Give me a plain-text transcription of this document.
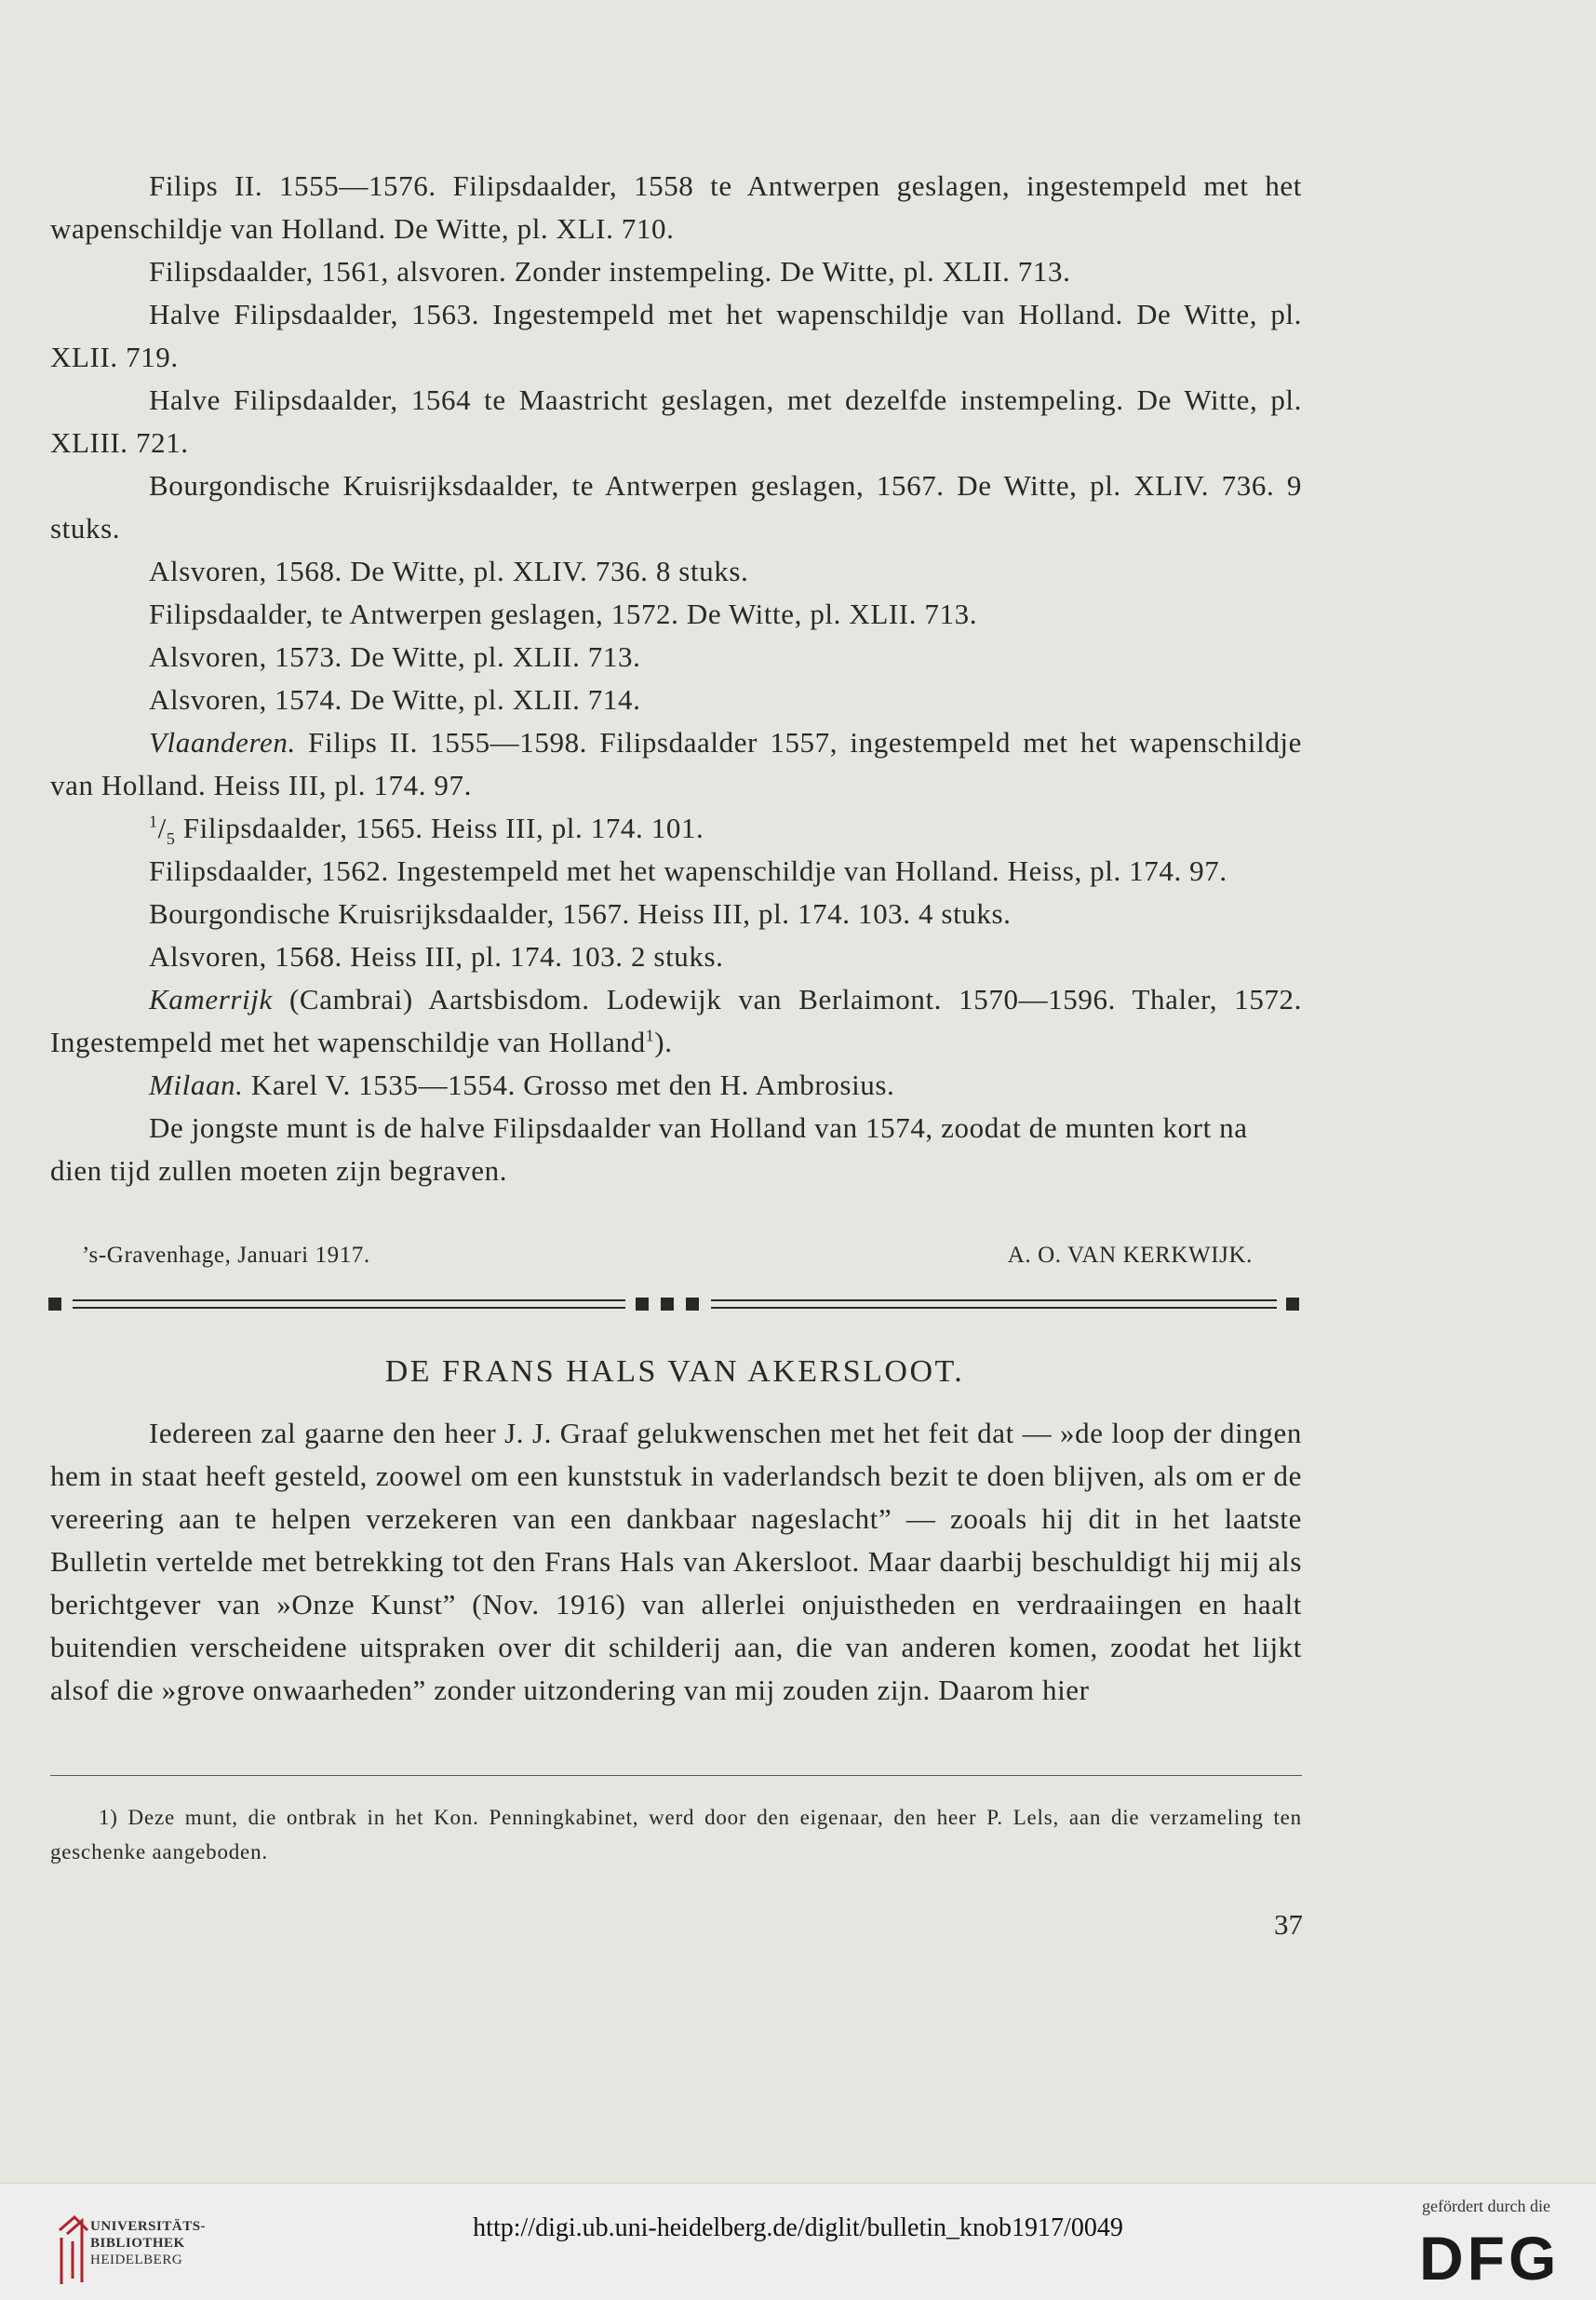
Filips II. 1555—1576. Filipsdaalder, 1558 te Antwerpen geslagen, ingestempeld met het wapenschildje van Holland. De Witte, pl. XLI. 710.

Filipsdaalder, 1561, alsvoren. Zonder instempeling. De Witte, pl. XLII. 713.

Halve Filipsdaalder, 1563. Ingestempeld met het wapenschildje van Holland. De Witte, pl. XLII. 719.

Halve Filipsdaalder, 1564 te Maastricht geslagen, met dezelfde instempeling. De Witte, pl. XLIII. 721.

Bourgondische Kruisrijksdaalder, te Antwerpen geslagen, 1567. De Witte, pl. XLIV. 736. 9 stuks.

Alsvoren, 1568. De Witte, pl. XLIV. 736. 8 stuks.

Filipsdaalder, te Antwerpen geslagen, 1572. De Witte, pl. XLII. 713.

Alsvoren, 1573. De Witte, pl. XLII. 713.

Alsvoren, 1574. De Witte, pl. XLII. 714.

Vlaanderen. Filips II. 1555—1598. Filipsdaalder 1557, ingestempeld met het wapenschildje van Holland. Heiss III, pl. 174. 97.

$^1/_5$ Filipsdaalder, 1565. Heiss III, pl. 174. 101.

Filipsdaalder, 1562. Ingestempeld met het wapenschildje van Holland. Heiss, pl. 174. 97.

Bourgondische Kruisrijksdaalder, 1567. Heiss III, pl. 174. 103. 4 stuks.

Alsvoren, 1568. Heiss III, pl. 174. 103. 2 stuks.

Kamerrijk (Cambrai) Aartsbisdom. Lodewijk van Berlaimont. 1570—1596. Thaler, 1572. Ingestempeld met het wapenschildje van Holland$^1$).

Milaan. Karel V. 1535—1554. Grosso met den H. Ambrosius.

De jongste munt is de halve Filipsdaalder van Holland van 1574, zoodat de munten kort na dien tijd zullen moeten zijn begraven.

’s-Gravenhage, Januari 1917.	A. O. VAN KERKWIJK.
DE FRANS HALS VAN AKERSLOOT.

Iedereen zal gaarne den heer J. J. Graaf gelukwenschen met het feit dat — »de loop der dingen hem in staat heeft gesteld, zoowel om een kunststuk in vaderlandsch bezit te doen blijven, als om er de vereering aan te helpen verzekeren van een dankbaar nageslacht” — zooals hij dit in het laatste Bulletin vertelde met betrekking tot den Frans Hals van Akersloot. Maar daarbij beschuldigt hij mij als berichtgever van »Onze Kunst” (Nov. 1916) van allerlei onjuistheden en verdraaiingen en haalt buitendien verscheidene uitspraken over dit schilderij aan, die van anderen komen, zoodat het lijkt alsof die »grove onwaarheden” zonder uitzondering van mij zouden zijn. Daarom hier

1) Deze munt, die ontbrak in het Kon. Penningkabinet, werd door den eigenaar, den heer P. Lels, aan die verzameling ten geschenke aangeboden.

37
UNIVERSITÄTS-
BIBLIOTHEK
HEIDELBERG
http://digi.ub.uni-heidelberg.de/diglit/bulletin_knob1917/0049
gefördert durch die
DFG
